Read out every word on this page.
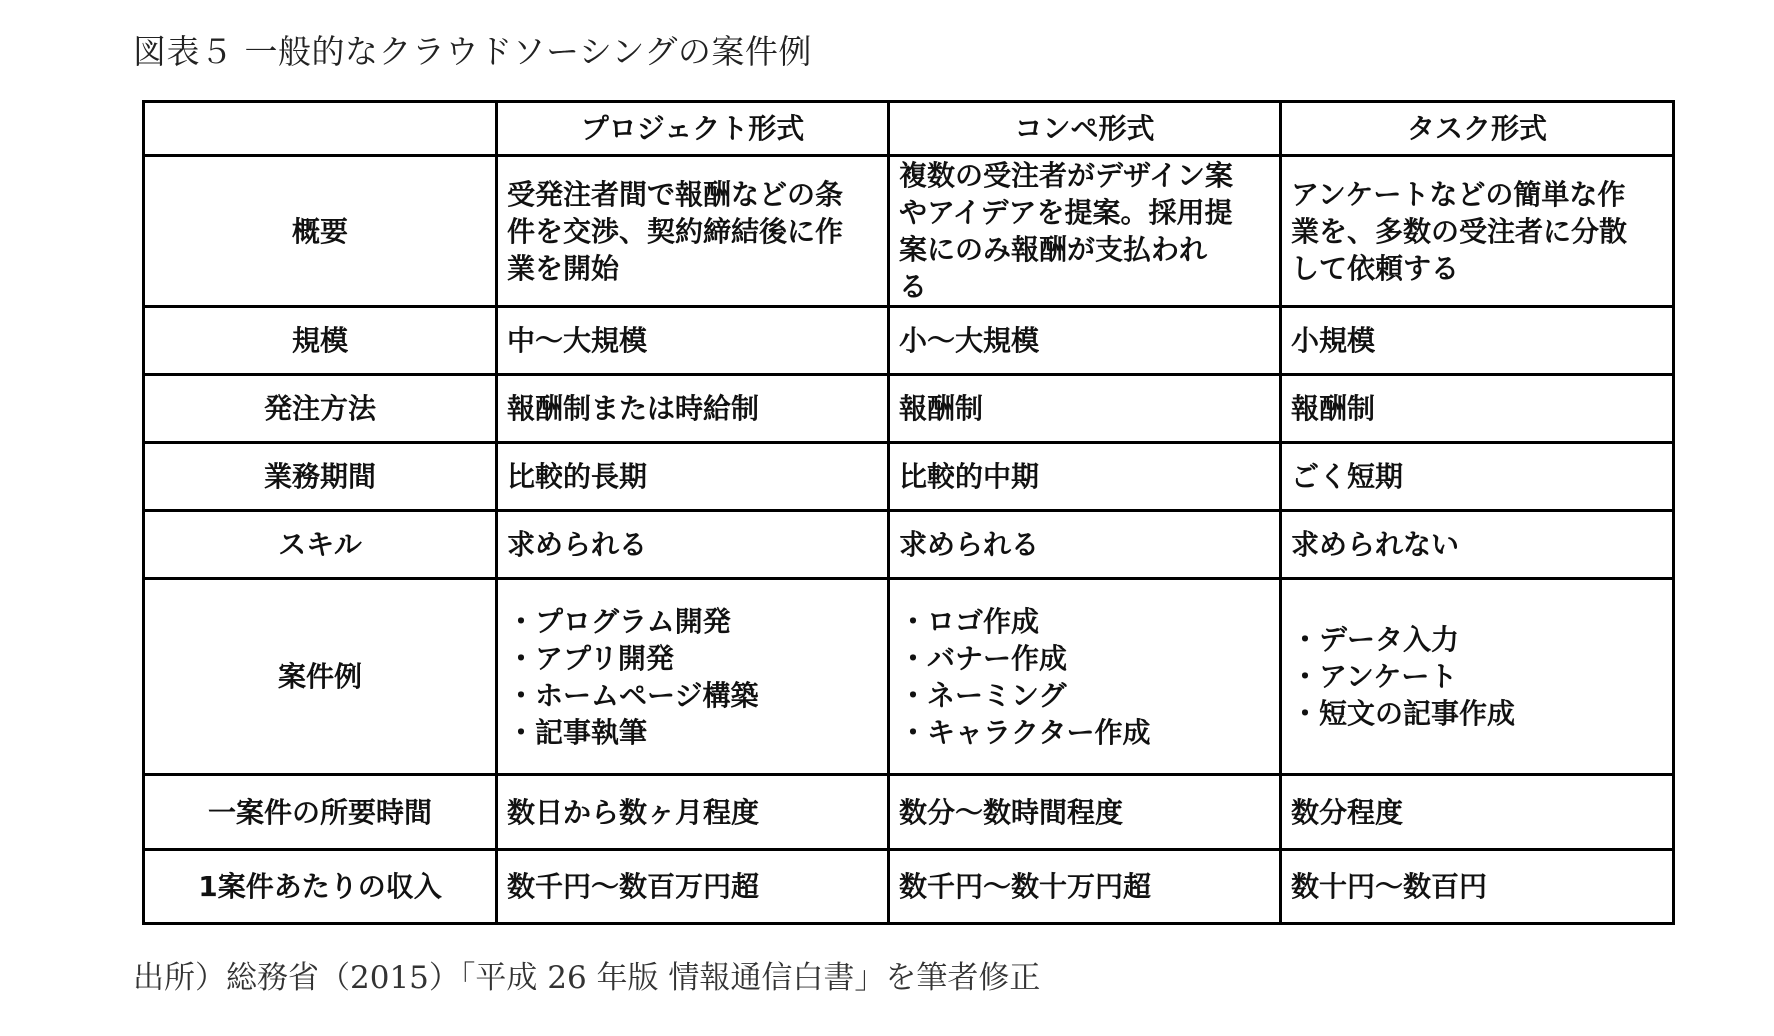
図表５ 一般的なクラウドソーシングの案件例
	プロジェクト形式	コンペ形式	タスク形式
概要	受発注者間で報酬などの条
件を交渉、契約締結後に作
業を開始	複数の受注者がデザイン案
やアイデアを提案。採用提
案にのみ報酬が支払われ
る	アンケートなどの簡単な作
業を、多数の受注者に分散
して依頼する

規模	中～大規模	小～大規模	小規模
発注方法	報酬制または時給制	報酬制	報酬制
業務期間	比較的長期	比較的中期	ごく短期
スキル	求められる	求められる	求められない
案件例	・プログラム開発
・アプリ開発
・ホームページ構築
・記事執筆	・ロゴ作成
・バナー作成
・ネーミング
・キャラクター作成	・データ入力
・アンケート
・短文の記事作成

一案件の所要時間	数日から数ヶ月程度	数分～数時間程度	数分程度
1案件あたりの収入	数千円～数百万円超	数千円～数十万円超	数十円～数百円
出所）総務省（2015）「平成 26 年版 情報通信白書」を筆者修正
